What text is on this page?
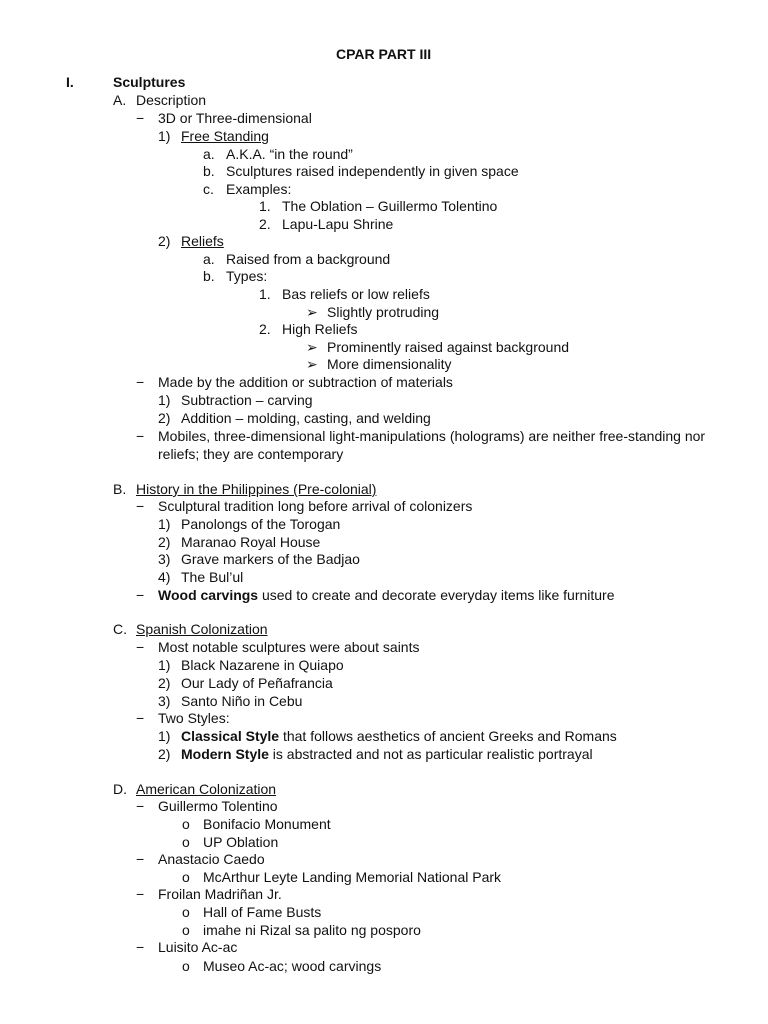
CPAR PART III
I.	Sculptures
A. Description
− 3D or Three-dimensional
1) Free Standing
a. A.K.A. “in the round”
b. Sculptures raised independently in given space
c. Examples:
1. The Oblation – Guillermo Tolentino
2. Lapu-Lapu Shrine
2) Reliefs
a. Raised from a background
b. Types:
1. Bas reliefs or low reliefs
➢ Slightly protruding
2. High Reliefs
➢ Prominently raised against background
➢ More dimensionality
− Made by the addition or subtraction of materials
1) Subtraction – carving
2) Addition – molding, casting, and welding
− Mobiles, three-dimensional light-manipulations (holograms) are neither free-standing nor
reliefs; they are contemporary
B. History in the Philippines (Pre-colonial)
− Sculptural tradition long before arrival of colonizers
1) Panolongs of the Torogan
2) Maranao Royal House
3) Grave markers of the Badjao
4) The Bul’ul
− Wood carvings used to create and decorate everyday items like furniture
C. Spanish Colonization
− Most notable sculptures were about saints
1) Black Nazarene in Quiapo
2) Our Lady of Peñafrancia
3) Santo Niño in Cebu
− Two Styles:
1) Classical Style that follows aesthetics of ancient Greeks and Romans
2) Modern Style is abstracted and not as particular realistic portrayal
D. American Colonization
− Guillermo Tolentino
o Bonifacio Monument
o UP Oblation
− Anastacio Caedo
o McArthur Leyte Landing Memorial National Park
− Froilan Madriñan Jr.
o Hall of Fame Busts
o imahe ni Rizal sa palito ng posporo
− Luisito Ac-ac
o Museo Ac-ac; wood carvings
